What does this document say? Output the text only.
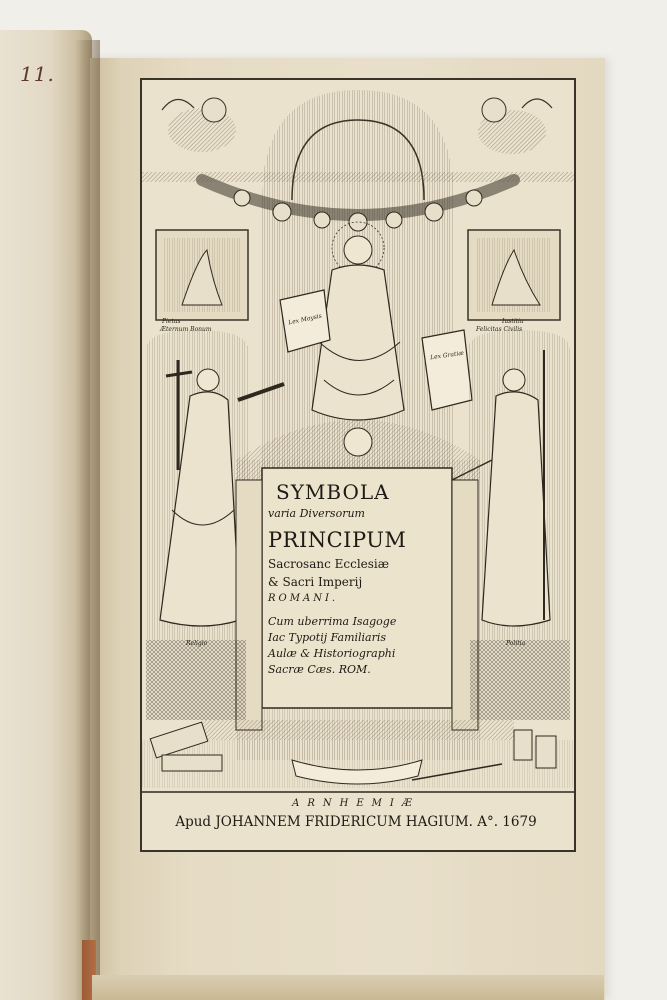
11.
Pietas
Æternum Bonum
Iustitia
Felicitas Civilis
Religio	Politia
Lex Moysis
Lex Gratiæ
SYMBOLA
varia Diversorum
PRINCIPUM
Sacrosanc Ecclesiæ
& Sacri Imperij
ROMANI.
Cum uberrima Isagoge
Iac Typotij Familiaris
Aulæ & Historiographi
Sacræ Cæs. ROM.
ARNHEMIÆ
Apud JOHANNEM FRIDERICUM HAGIUM. A°. 1679
